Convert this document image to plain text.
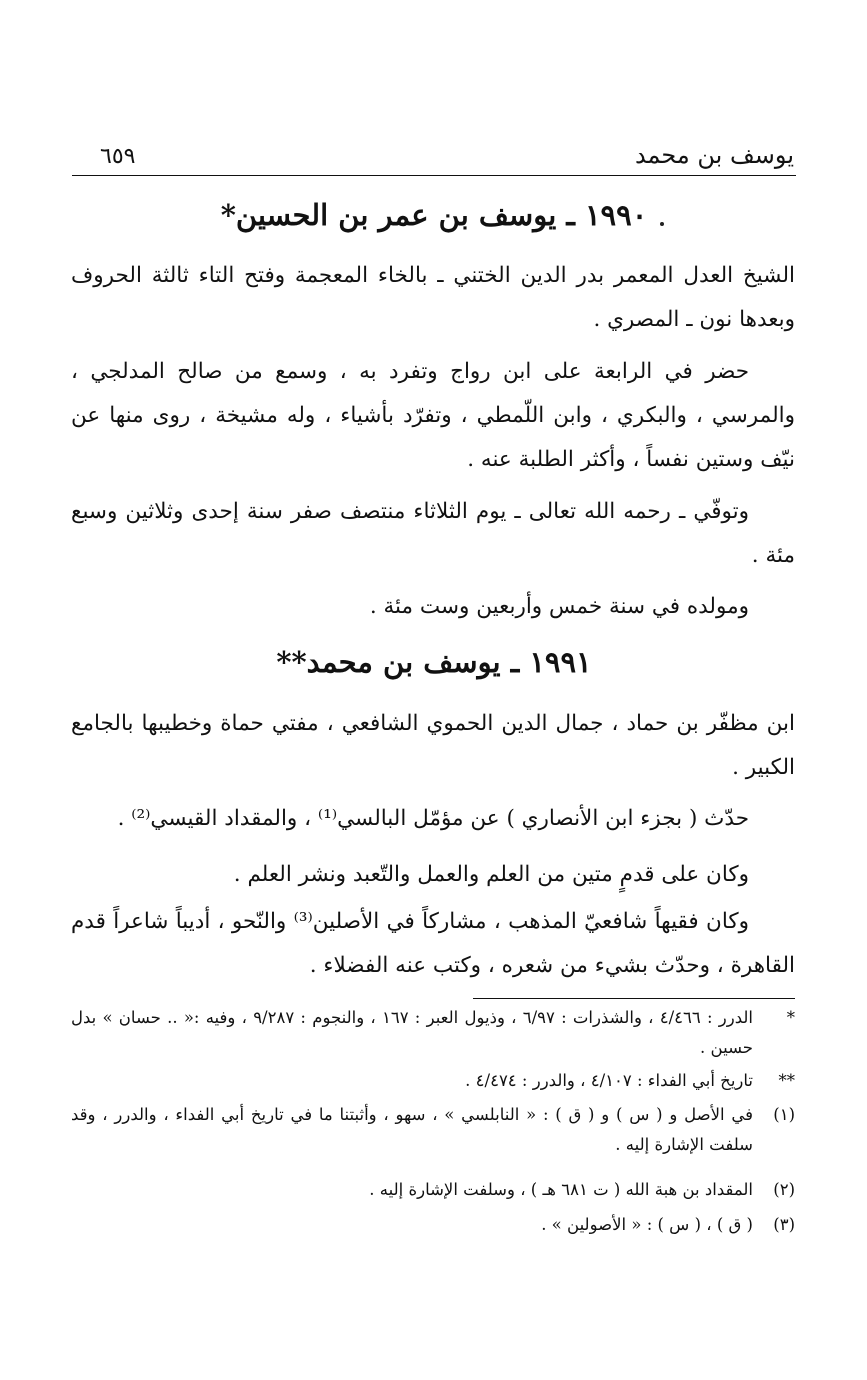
يوسف بن محمد
٦٥٩
١٩٩٠ ـ يوسف بن عمر بن الحسين*

الشيخ العدل المعمر بدر الدين الختني ـ بالخاء المعجمة وفتح التاء ثالثة الحروف وبعدها نون ـ المصري .

حضر في الرابعة على ابن رواج وتفرد به ، وسمع من صالح المدلجي ، والمرسي ، والبكري ، وابن اللّمطي ، وتفرّد بأشياء ، وله مشيخة ، روى منها عن نيّف وستين نفساً ، وأكثر الطلبة عنه .

وتوفّي ـ رحمه الله تعالى ـ يوم الثلاثاء منتصف صفر سنة إحدى وثلاثين وسبع مئة .

ومولده في سنة خمس وأربعين وست مئة .

١٩٩١ ـ يوسف بن محمد**

ابن مظفّر بن حماد ، جمال الدين الحموي الشافعي ، مفتي حماة وخطيبها بالجامع الكبير .

حدّث ( بجزء ابن الأنصاري ) عن مؤمّل البالسي⁽¹⁾ ، والمقداد القيسي⁽²⁾ .

وكان على قدمٍ متين من العلم والعمل والتّعبد ونشر العلم .

وكان فقيهاً شافعيّ المذهب ، مشاركاً في الأصلين⁽³⁾ والنّحو ، أديباً شاعراً قدم القاهرة ، وحدّث بشيء من شعره ، وكتب عنه الفضلاء .

*
الدرر : ٤/٤٦٦ ، والشذرات : ٦/٩٧ ، وذيول العبر : ١٦٧ ، والنجوم : ٩/٢٨٧ ، وفيه :« .. حسان » بدل حسين .
**
تاريخ أبي الفداء : ٤/١٠٧ ، والدرر : ٤/٤٧٤ .
(١)
في الأصل و ( س ) و ( ق ) : « النابلسي » ، سهو ، وأثبتنا ما في تاريخ أبي الفداء ، والدرر ، وقد سلفت الإشارة إليه .
(٢)
المقداد بن هبة الله ( ت ٦٨١ هـ ) ، وسلفت الإشارة إليه .
(٣)
( ق ) ، ( س ) : « الأصولين » .
